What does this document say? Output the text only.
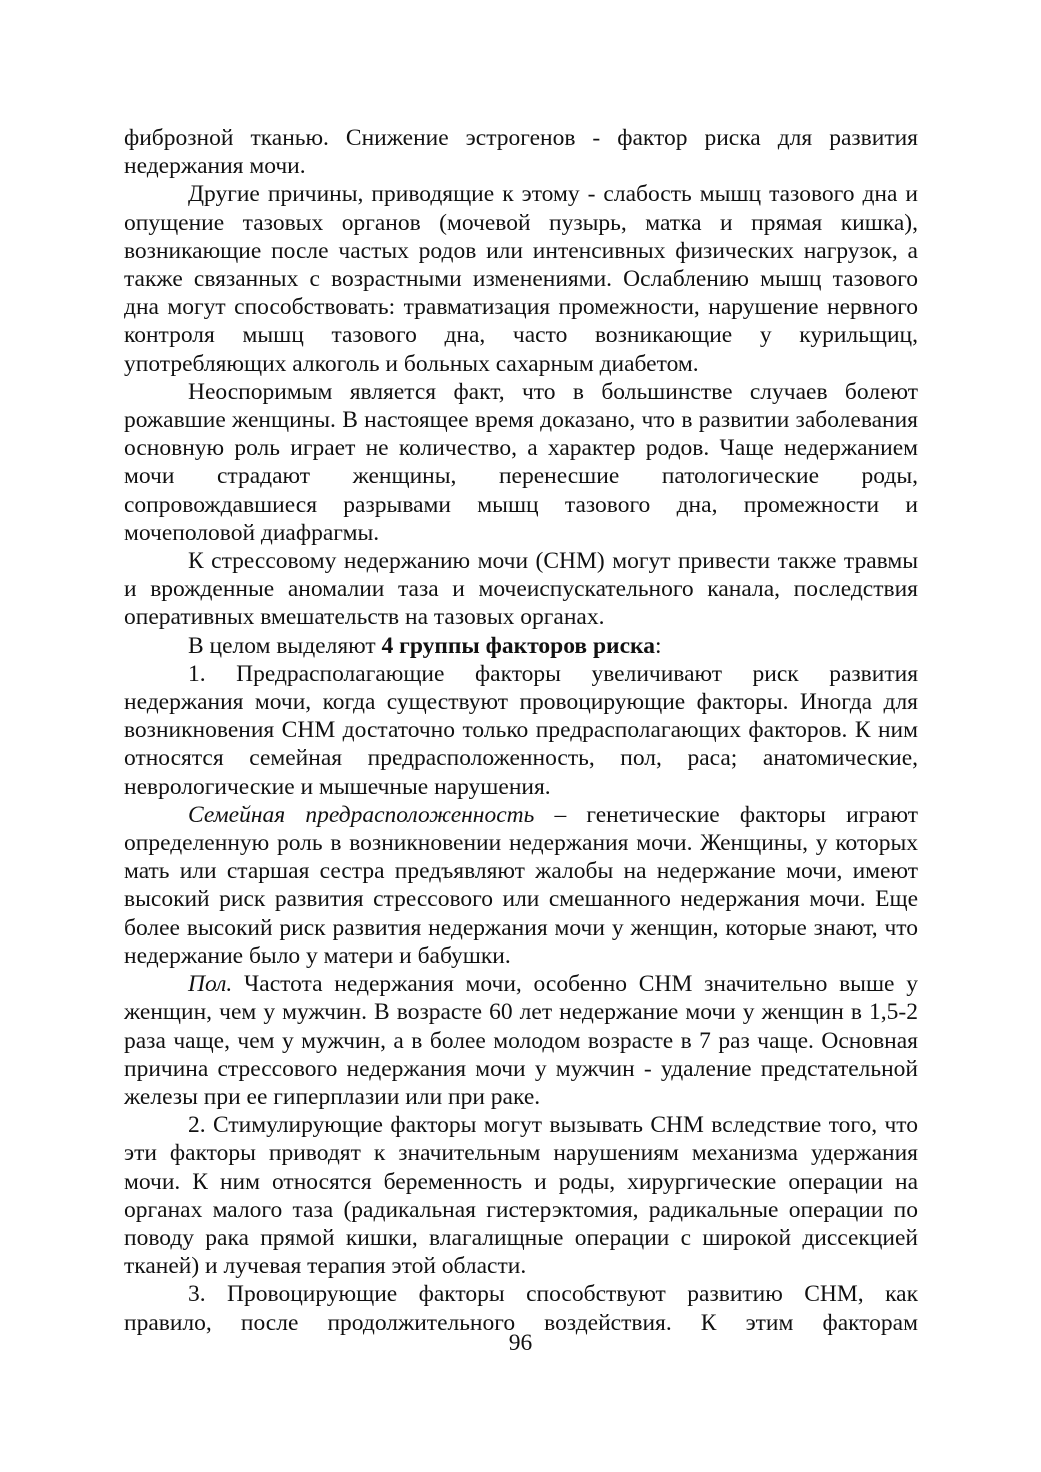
фиброзной тканью. Снижение эстрогенов - фактор риска для развития недержания мочи.

Другие причины, приводящие к этому - слабость мышц тазового дна и опущение тазовых органов (мочевой пузырь, матка и прямая кишка), возникающие после частых родов или интенсивных физических нагрузок, а также связанных с возрастными изменениями. Ослаблению мышц тазового дна могут способствовать: травматизация промежности, нарушение нервного контроля мышц тазового дна, часто возникающие у курильщиц, употребляющих алкоголь и больных сахарным диабетом.

Неоспоримым является факт, что в большинстве случаев болеют рожавшие женщины. В настоящее время доказано, что в развитии заболевания основную роль играет не количество, а характер родов. Чаще недержанием мочи страдают женщины, перенесшие патологические роды, сопровождавшиеся разрывами мышц тазового дна, промежности и мочеполовой диафрагмы.

К стрессовому недержанию мочи (СНМ) могут привести также травмы и врожденные аномалии таза и мочеиспускательного канала, последствия оперативных вмешательств на тазовых органах.

В целом выделяют 4 группы факторов риска:

1. Предрасполагающие факторы увеличивают риск развития недержания мочи, когда существуют провоцирующие факторы. Иногда для возникновения СНМ достаточно только предрасполагающих факторов. К ним относятся семейная предрасположенность, пол, раса; анатомические, неврологические и мышечные нарушения.

Семейная предрасположенность – генетические факторы играют определенную роль в возникновении недержания мочи. Женщины, у которых мать или старшая сестра предъявляют жалобы на недержание мочи, имеют высокий риск развития стрессового или смешанного недержания мочи. Еще более высокий риск развития недержания мочи у женщин, которые знают, что недержание было у матери и бабушки.

Пол. Частота недержания мочи, особенно СНМ значительно выше у женщин, чем у мужчин. В возрасте 60 лет недержание мочи у женщин в 1,5-2 раза чаще, чем у мужчин, а в более молодом возрасте в 7 раз чаще. Основная причина стрессового недержания мочи у мужчин - удаление предстательной железы при ее гиперплазии или при раке.

2. Стимулирующие факторы могут вызывать СНМ вследствие того, что эти факторы приводят к значительным нарушениям механизма удержания мочи. К ним относятся беременность и роды, хирургические операции на органах малого таза (радикальная гистерэктомия, радикальные операции по поводу рака прямой кишки, влагалищные операции с широкой диссекцией тканей) и лучевая терапия этой области.

3. Провоцирующие факторы способствуют развитию СНМ, как правило, после продолжительного воздействия. К этим факторам

96
